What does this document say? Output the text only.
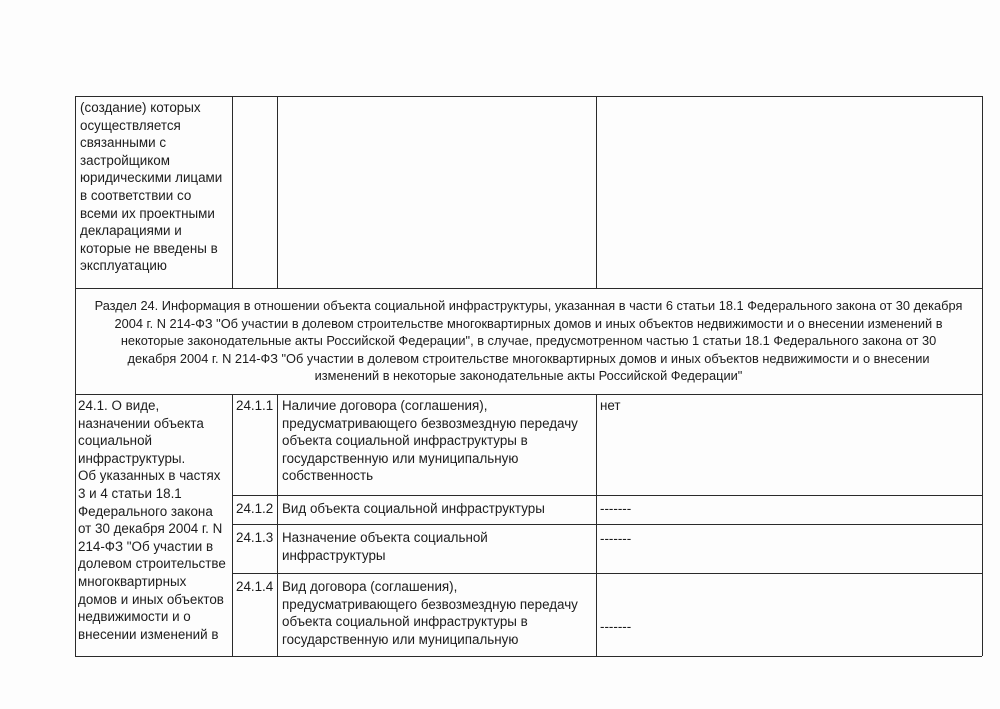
(создание) которых
осуществляется
связанными с
застройщиком
юридическими лицами
в соответствии со
всеми их проектными
декларациями и
которые не введены в
эксплуатацию
Раздел 24. Информация в отношении объекта социальной инфраструктуры, указанная в части 6 статьи 18.1 Федерального закона от 30 декабря
2004 г. N 214-ФЗ "Об участии в долевом строительстве многоквартирных домов и иных объектов недвижимости и о внесении изменений в
некоторые законодательные акты Российской Федерации", в случае, предусмотренном частью 1 статьи 18.1 Федерального закона от 30
декабря 2004 г. N 214-ФЗ "Об участии в долевом строительстве многоквартирных домов и иных объектов недвижимости и о внесении
изменений в некоторые законодательные акты Российской Федерации"
24.1. О виде,
назначении объекта
социальной
инфраструктуры.
Об указанных в частях
3 и 4 статьи 18.1
Федерального закона
от 30 декабря 2004 г. N
214-ФЗ "Об участии в
долевом строительстве
многоквартирных
домов и иных объектов
недвижимости и о
внесении изменений в
24.1.1 Наличие договора (соглашения),
предусматривающего безвозмездную передачу
объекта социальной инфраструктуры в
государственную или муниципальную
собственность
нет
24.1.2 Вид объекта социальной инфраструктуры	-------
24.1.3 Назначение объекта социальной
инфраструктуры
-------
24.1.4 Вид договора (соглашения),
предусматривающего безвозмездную передачу
объекта социальной инфраструктуры в
государственную или муниципальную
-------
